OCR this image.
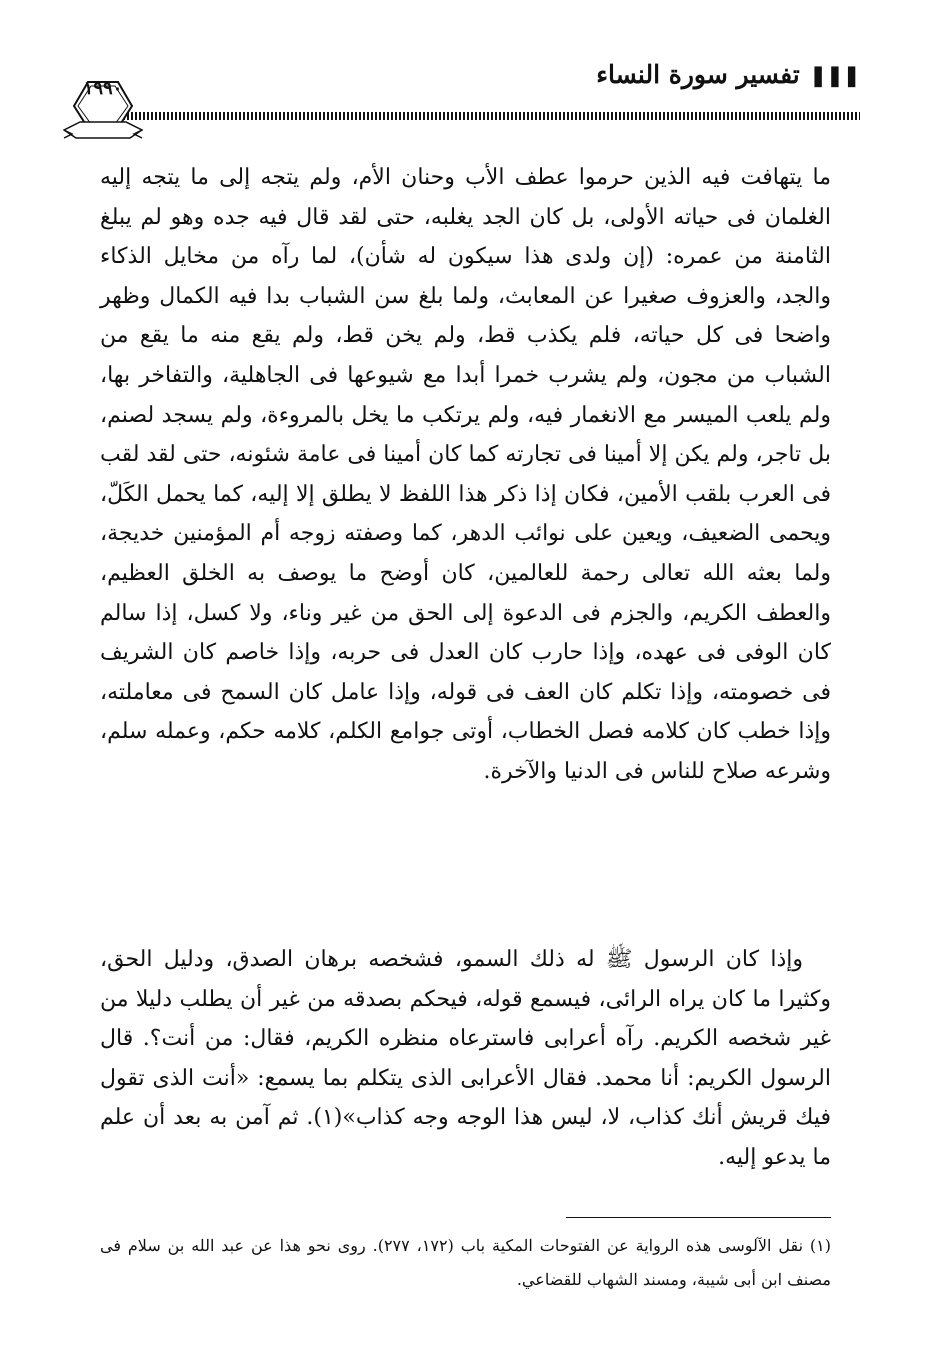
❚❚❚
تفسير سورة النساء
١٩٩٠
ما يتهافت فيه الذين حرموا عطف الأب وحنان الأم، ولم يتجه إلى ما يتجه إليه الغلمان فى حياته الأولى، بل كان الجد يغلبه، حتى لقد قال فيه جده وهو لم يبلغ الثامنة من عمره: (إن ولدى هذا سيكون له شأن)، لما رآه من مخايل الذكاء والجد، والعزوف صغيرا عن المعابث، ولما بلغ سن الشباب بدا فيه الكمال وظهر واضحا فى كل حياته، فلم يكذب قط، ولم يخن قط، ولم يقع منه ما يقع من الشباب من مجون، ولم يشرب خمرا أبدا مع شيوعها فى الجاهلية، والتفاخر بها، ولم يلعب الميسر مع الانغمار فيه، ولم يرتكب ما يخل بالمروءة، ولم يسجد لصنم، بل تاجر، ولم يكن إلا أمينا فى تجارته كما كان أمينا فى عامة شئونه، حتى لقد لقب فى العرب بلقب الأمين، فكان إذا ذكر هذا اللفظ لا يطلق إلا إليه، كما يحمل الكَلّ، ويحمى الضعيف، ويعين على نوائب الدهر، كما وصفته زوجه أم المؤمنين خديجة، ولما بعثه الله تعالى رحمة للعالمين، كان أوضح ما يوصف به الخلق العظيم، والعطف الكريم، والجزم فى الدعوة إلى الحق من غير وناء، ولا كسل، إذا سالم كان الوفى فى عهده، وإذا حارب كان العدل فى حربه، وإذا خاصم كان الشريف فى خصومته، وإذا تكلم كان العف فى قوله، وإذا عامل كان السمح فى معاملته، وإذا خطب كان كلامه فصل الخطاب، أوتى جوامع الكلم، كلامه حكم، وعمله سلم، وشرعه صلاح للناس فى الدنيا والآخرة.
وإذا كان الرسول ﷺ له ذلك السمو، فشخصه برهان الصدق، ودليل الحق، وكثيرا ما كان يراه الرائى، فيسمع قوله، فيحكم بصدقه من غير أن يطلب دليلا من غير شخصه الكريم. رآه أعرابى فاسترعاه منظره الكريم، فقال: من أنت؟. قال الرسول الكريم: أنا محمد. فقال الأعرابى الذى يتكلم بما يسمع: «أنت الذى تقول فيك قريش أنك كذاب، لا، ليس هذا الوجه وجه كذاب»(١). ثم آمن به بعد أن علم ما يدعو إليه.
(١) نقل الآلوسى هذه الرواية عن الفتوحات المكية باب (١٧٢، ٢٧٧). روى نحو هذا عن عبد الله بن سلام فى مصنف ابن أبى شيبة، ومسند الشهاب للقضاعي.
